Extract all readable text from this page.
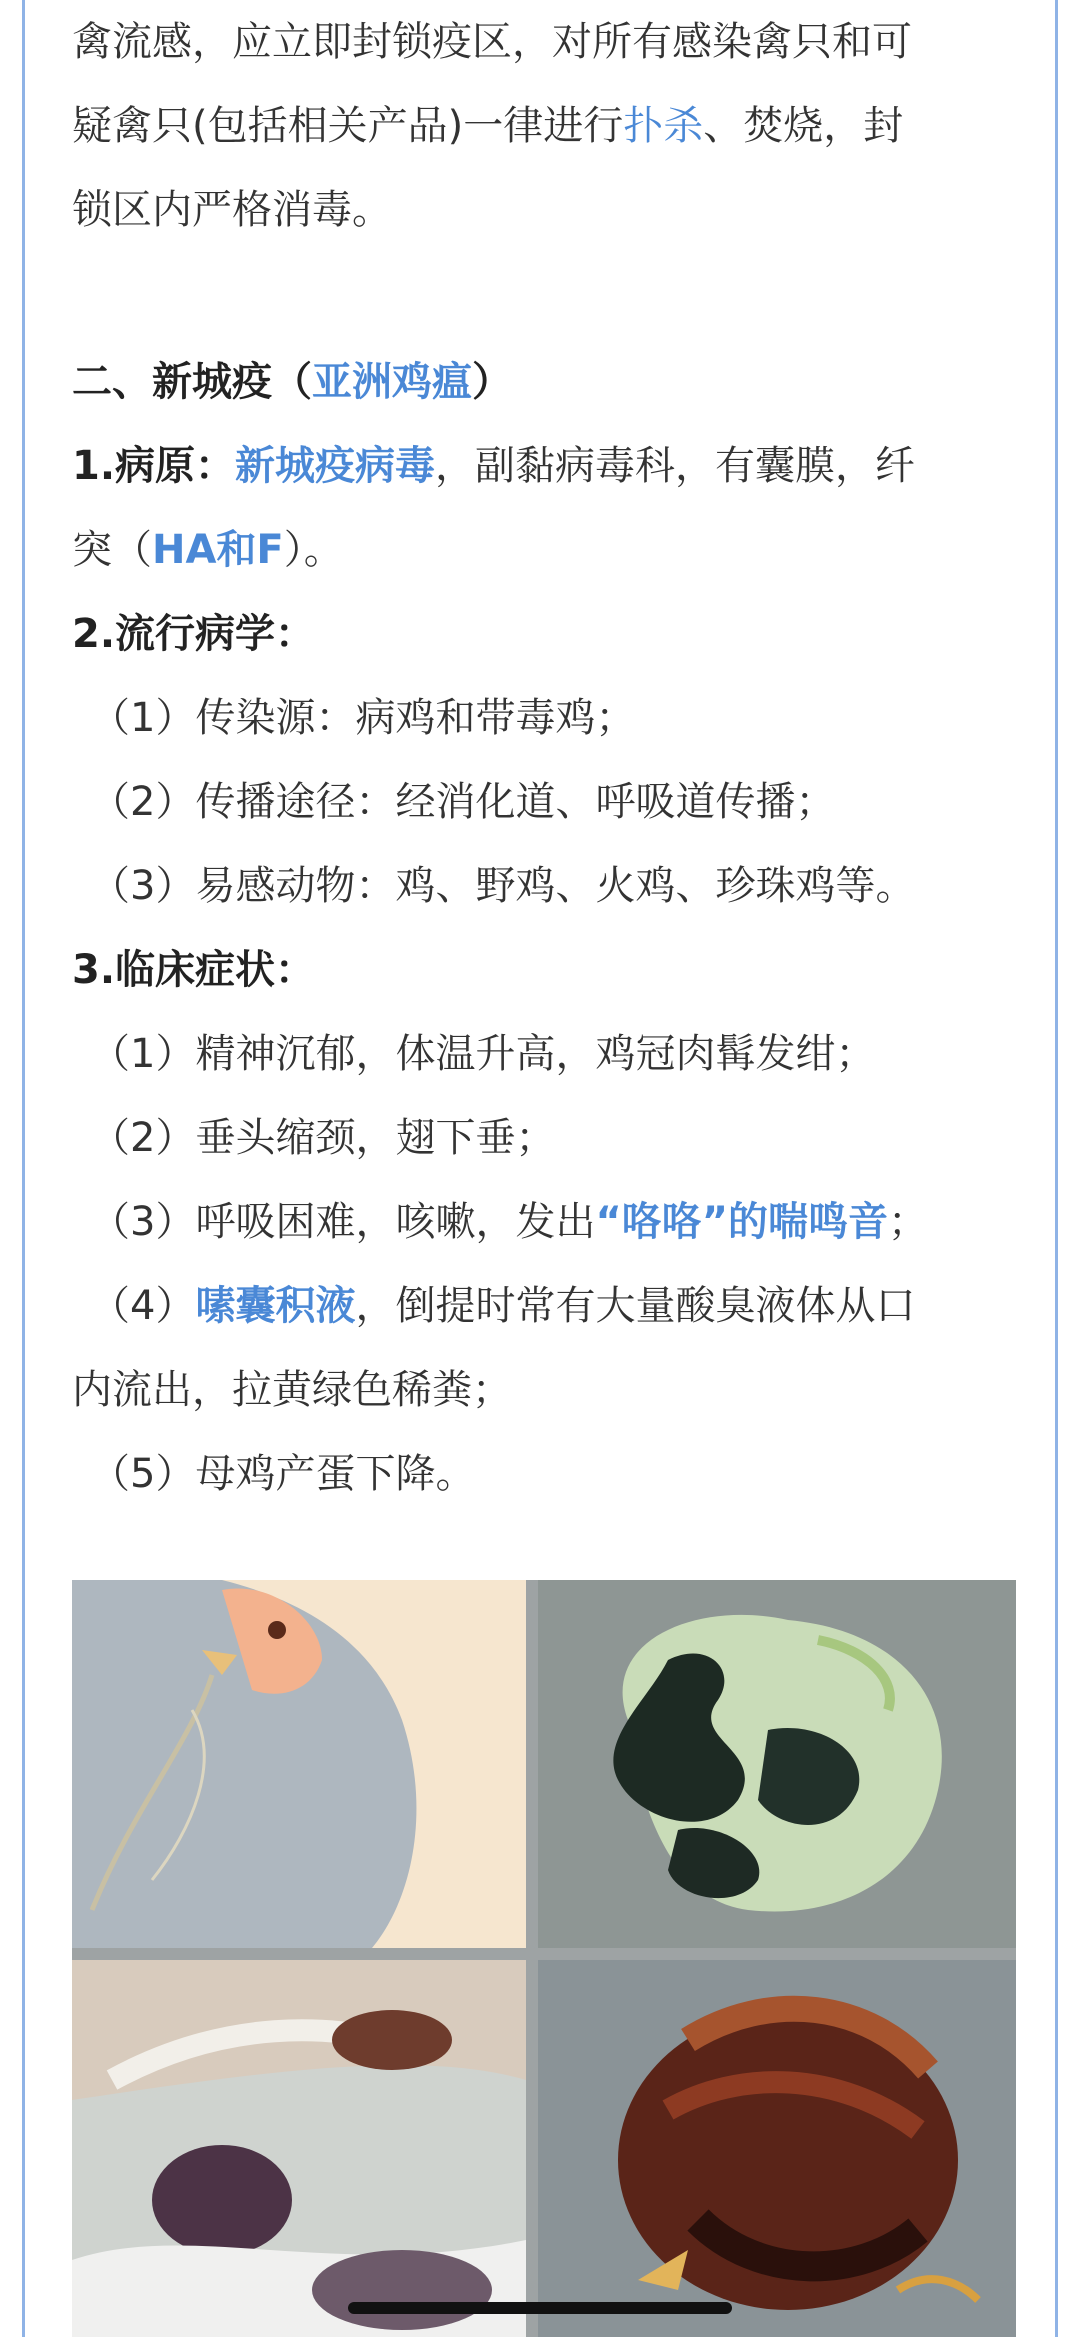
禽流感，应立即封锁疫区，对所有感染禽只和可
疑禽只(包括相关产品)一律进行扑杀、焚烧，封
锁区内严格消毒。
二、新城疫（亚洲鸡瘟）
1.病原：新城疫病毒，副黏病毒科，有囊膜，纤
突（HA和F）。
2.流行病学：
（1）传染源：病鸡和带毒鸡；
（2）传播途径：经消化道、呼吸道传播；
（3）易感动物：鸡、野鸡、火鸡、珍珠鸡等。
3.临床症状：
（1）精神沉郁，体温升高，鸡冠肉髯发绀；
（2）垂头缩颈，翅下垂；
（3）呼吸困难，咳嗽，发出“咯咯”的喘鸣音；
（4）嗉囊积液，倒提时常有大量酸臭液体从口
内流出，拉黄绿色稀粪；
（5）母鸡产蛋下降。
